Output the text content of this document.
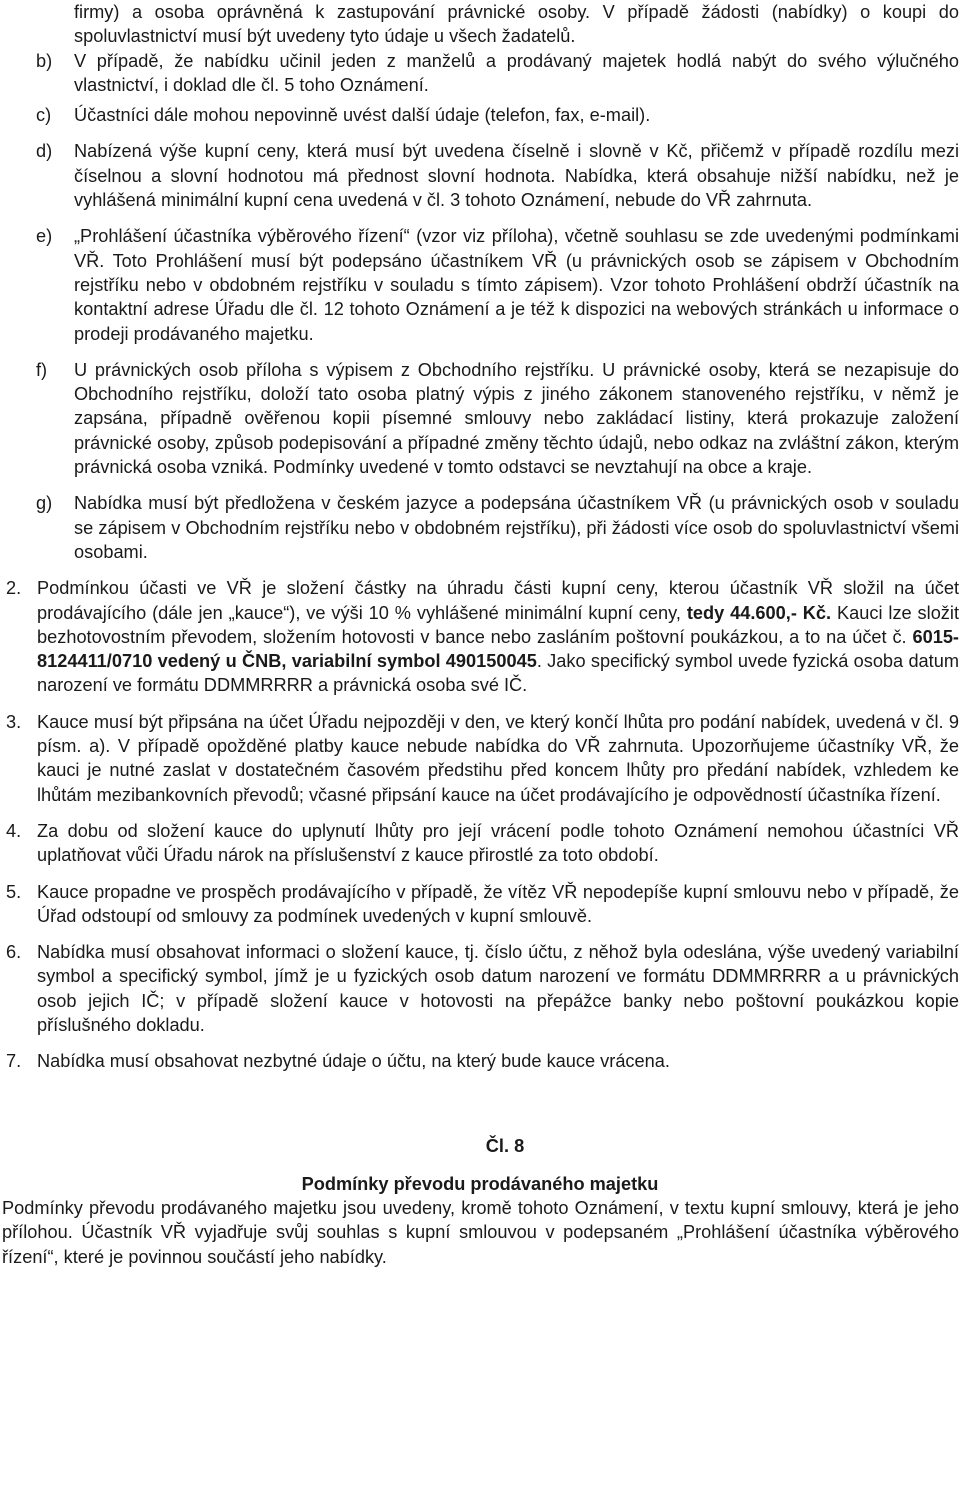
firmy) a osoba oprávněná k zastupování právnické osoby. V případě žádosti (nabídky) o koupi do spoluvlastnictví musí být uvedeny tyto údaje u všech žadatelů.

b) V případě, že nabídku učinil jeden z manželů a prodávaný majetek hodlá nabýt do svého výlučného vlastnictví, i doklad dle čl. 5 toho Oznámení.

c) Účastníci dále mohou nepovinně uvést další údaje (telefon, fax, e-mail).

d) Nabízená výše kupní ceny, která musí být uvedena číselně i slovně v Kč, přičemž v případě rozdílu mezi číselnou a slovní hodnotou má přednost slovní hodnota. Nabídka, která obsahuje nižší nabídku, než je vyhlášená minimální kupní cena uvedená v čl. 3 tohoto Oznámení, nebude do VŘ zahrnuta.

e) „Prohlášení účastníka výběrového řízení“ (vzor viz příloha), včetně souhlasu se zde uvedenými podmínkami VŘ. Toto Prohlášení musí být podepsáno účastníkem VŘ (u právnických osob se zápisem v Obchodním rejstříku nebo v obdobném rejstříku v souladu s tímto zápisem). Vzor tohoto Prohlášení obdrží účastník na kontaktní adrese Úřadu dle čl. 12 tohoto Oznámení a je též k dispozici na webových stránkách u informace o prodeji prodávaného majetku.

f) U právnických osob příloha s výpisem z Obchodního rejstříku. U právnické osoby, která se nezapisuje do Obchodního rejstříku, doloží tato osoba platný výpis z jiného zákonem stanoveného rejstříku, v němž je zapsána, případně ověřenou kopii písemné smlouvy nebo zakládací listiny, která prokazuje založení právnické osoby, způsob podepisování a případné změny těchto údajů, nebo odkaz na zvláštní zákon, kterým právnická osoba vzniká. Podmínky uvedené v tomto odstavci se nevztahují na obce a kraje.

g) Nabídka musí být předložena v českém jazyce a podepsána účastníkem VŘ (u právnických osob v souladu se zápisem v Obchodním rejstříku nebo v obdobném rejstříku), při žádosti více osob do spoluvlastnictví všemi osobami.

2. Podmínkou účasti ve VŘ je složení částky na úhradu části kupní ceny, kterou účastník VŘ složil na účet prodávajícího (dále jen „kauce“), ve výši 10 % vyhlášené minimální kupní ceny, tedy 44.600,- Kč. Kauci lze složit bezhotovostním převodem, složením hotovosti v bance nebo zasláním poštovní poukázkou, a to na účet č. 6015-8124411/0710 vedený u ČNB, variabilní symbol 490150045. Jako specifický symbol uvede fyzická osoba datum narození ve formátu DDMMRRRR a právnická osoba své IČ.

3. Kauce musí být připsána na účet Úřadu nejpozději v den, ve který končí lhůta pro podání nabídek, uvedená v čl. 9 písm. a). V případě opožděné platby kauce nebude nabídka do VŘ zahrnuta. Upozorňujeme účastníky VŘ, že kauci je nutné zaslat v dostatečném časovém předstihu před koncem lhůty pro předání nabídek, vzhledem ke lhůtám mezibankovních převodů; včasné připsání kauce na účet prodávajícího je odpovědností účastníka řízení.

4. Za dobu od složení kauce do uplynutí lhůty pro její vrácení podle tohoto Oznámení nemohou účastníci VŘ uplatňovat vůči Úřadu nárok na příslušenství z kauce přirostlé za toto období.

5. Kauce propadne ve prospěch prodávajícího v případě, že vítěz VŘ nepodepíše kupní smlouvu nebo v případě, že Úřad odstoupí od smlouvy za podmínek uvedených v kupní smlouvě.

6. Nabídka musí obsahovat informaci o složení kauce, tj. číslo účtu, z něhož byla odeslána, výše uvedený variabilní symbol a specifický symbol, jímž je u fyzických osob datum narození ve formátu DDMMRRRR a u právnických osob jejich IČ; v případě složení kauce v hotovosti na přepážce banky nebo poštovní poukázkou kopie příslušného dokladu.

7. Nabídka musí obsahovat nezbytné údaje o účtu, na který bude kauce vrácena.

Čl. 8

Podmínky převodu prodávaného majetku

Podmínky převodu prodávaného majetku jsou uvedeny, kromě tohoto Oznámení, v textu kupní smlouvy, která je jeho přílohou. Účastník VŘ vyjadřuje svůj souhlas s kupní smlouvou v podepsaném „Prohlášení účastníka výběrového řízení“, které je povinnou součástí jeho nabídky.
